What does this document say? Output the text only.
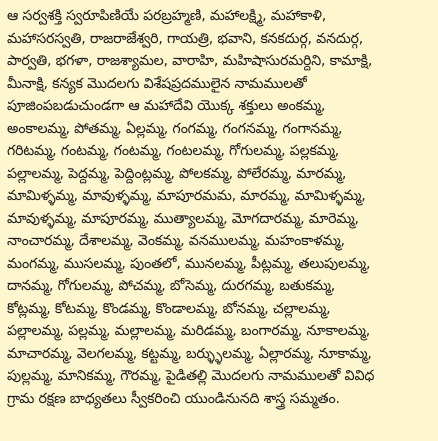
ఆ సర్వశక్తి స్వరూపిణియే పరబ్రహ్మణి, మహాలక్ష్మి, మహాకాళి,
మహాసరస్వతి, రాజరాజేశ్వరి, గాయత్రి, భవాని, కనకదుర్గ, వనదుర్గ,
పార్వతి, భగళా, రాజశ్యామల, వారాహి, మహిషాసురమర్దిని, కామాక్షి,
మీనాక్షి, కన్యక మొదలగు విశేషప్రదములైన నామములతో
పూజింపబడుచుండగా ఆ మహాదేవి యొక్క శక్తులు అంకమ్మ,
అంకాలమ్మ, పోతమ్మ, ఏల్లమ్మ, గంగమ్మ, గంగనమ్మ, గంగానమ్మ,
గరిటమ్మ, గంటమ్మ, గంటమ్మ, గంటలమ్మ, గోగులమ్మ, పల్లకమ్మ,
పల్లాలమ్మ, పెద్దమ్మ, పెద్దింట్లమ్మ, పోలకమ్మ, పోలేరమ్మ, మారమ్మ,
మామిళ్ళమ్మ, మావుళ్ళమ్మ, మాపూరమమ, మారమ్మ, మామిళ్ళమ్మ,
మావుళ్ళమ్మ, మాపూరమ్మ, ముత్యాలమ్మ, మోగదారమ్మ, మారెమ్మ,
నాంచారమ్మ, దేశాలమ్మ, వెంకమ్మ, వనములమ్మ, మహంకాళమ్మ,
మంగమ్మ, ముసలమ్మ, పుంతలో, మునలమ్మ, పీట్లమ్మ, తలుపులమ్మ,
దానమ్మ, గోగులమ్మ, పోచమ్మ, బోసెమ్మ, దురగమ్మ, బతుకమ్మ,
కోట్లమ్మ, కోటమ్మ, కొండమ్మ, కొండాలమ్మ, బోనమ్మ, చల్లాలమ్మ,
పల్లాలమ్మ, పల్లమ్మ, మల్లాలమ్మ, మరిడమ్మ, బంగారమ్మ, నూకాలమ్మ,
మాచారమ్మ, వెలగలమ్మ, కట్టమ్మ, బర్ళ్ళులమ్మ, ఏల్లారమ్మ, నూకామ్మ,
పుల్లమ్మ, మానికమ్మ, గౌరమ్మ, పైడితల్లి మొదలగు నామములతో వివిధ
గ్రామ రక్షణ బాధ్యతలు స్వీకరించి యుండినునది శాస్త్ర సమ్మతం.
